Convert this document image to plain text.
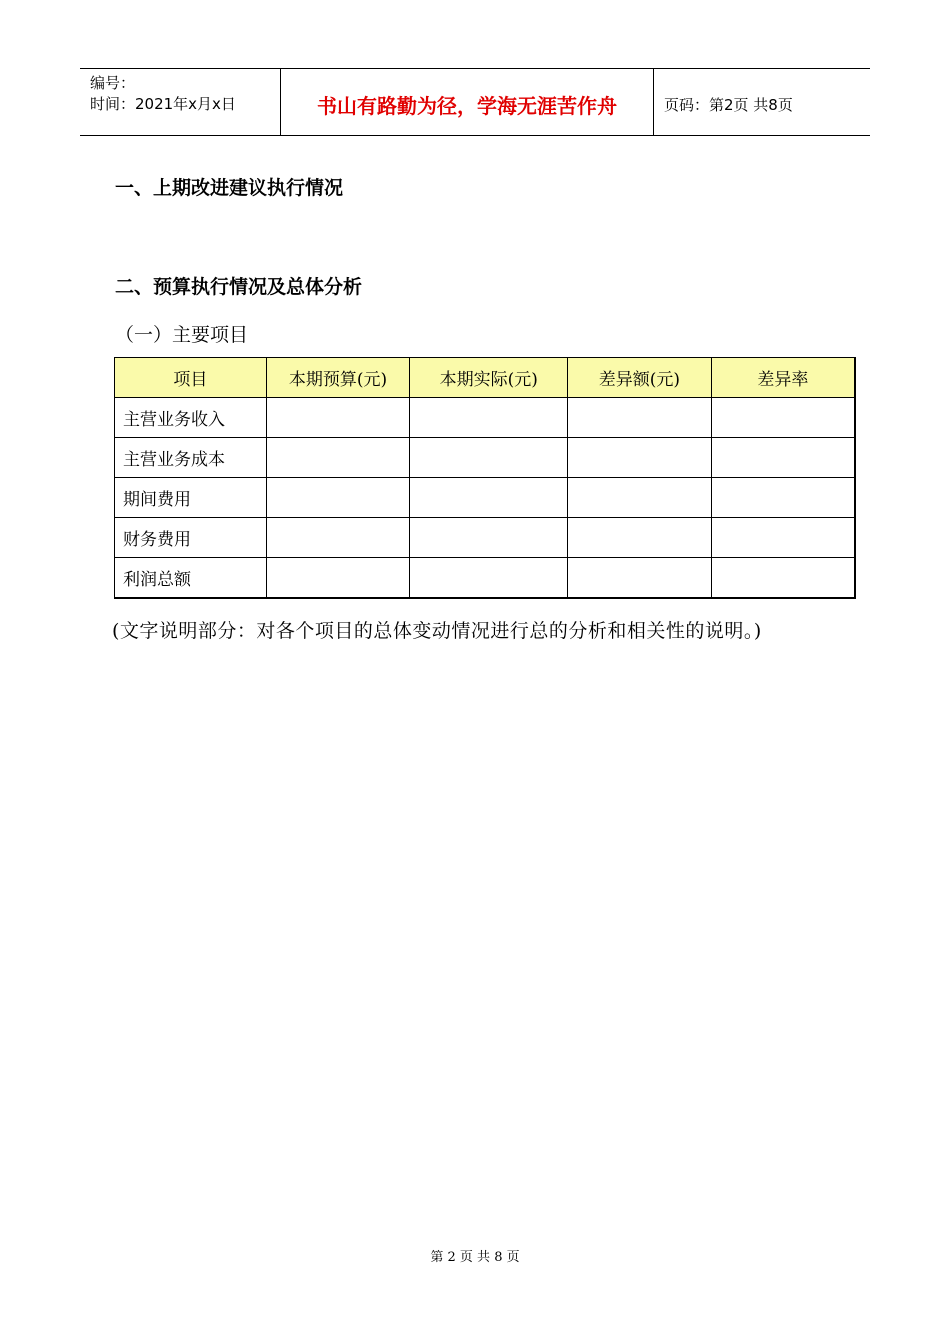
编号：
时间：2021年x月x日	书山有路勤为径，学海无涯苦作舟	页码：第2页 共8页
一、上期改进建议执行情况
二、预算执行情况及总体分析
（一）主要项目
项目	本期预算(元)	本期实际(元)	差异额(元)	差异率
主营业务收入				
主营业务成本				
期间费用				
财务费用				
利润总额				
(文字说明部分：对各个项目的总体变动情况进行总的分析和相关性的说明。)
第 2 页 共 8 页
